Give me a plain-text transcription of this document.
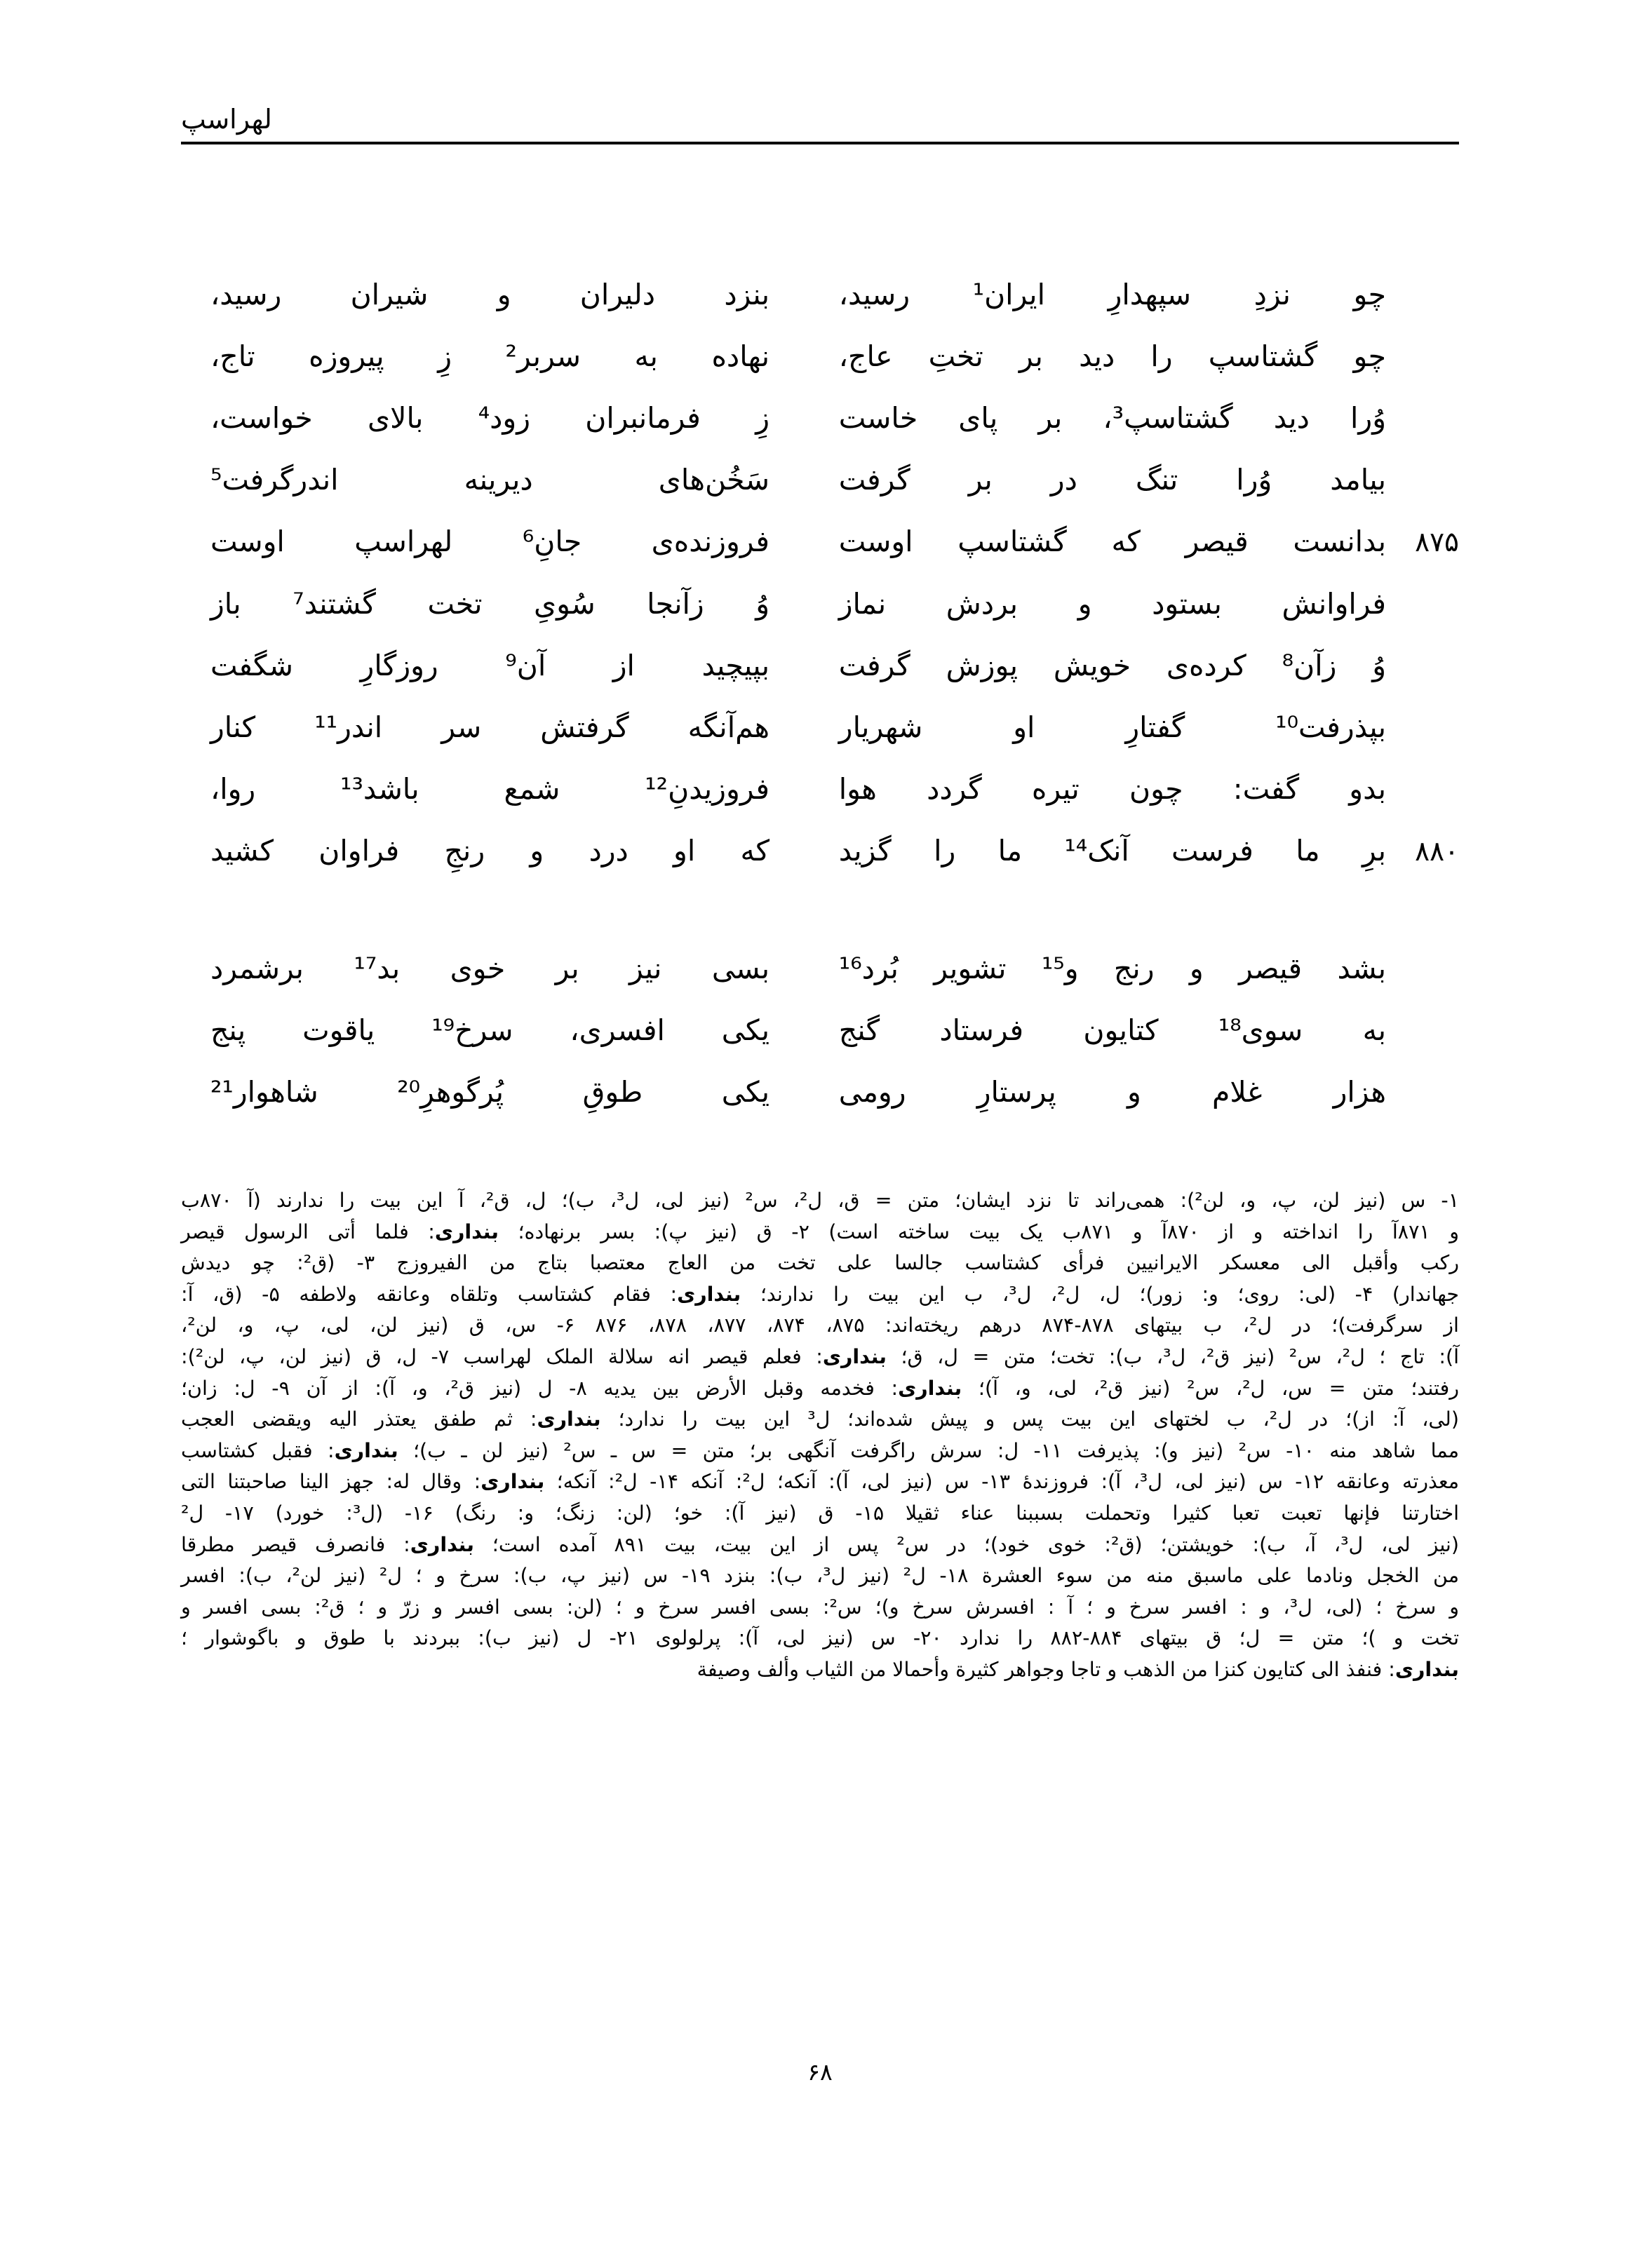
لهراسپ
چو
نزدِ
سپهدارِ
ایران¹
رسید،
بنزد
دلیران
و
شیران
رسید،
چو
گشتاسپ
را
دید
بر
تختِ
عاج،
نهاده
به
سربر²
زِ
پیروزه
تاج،
وُرا
دید
گشتاسپ³،
بر
پای
خاست
زِ
فرمانبران
زود⁴
بالای
خواست،
بیامد
وُرا
تنگ
در
بر
گرفت
سَخُن‌های
دیرینه
اندرگرفت⁵
۸۷۵
بدانست
قیصر
که
گشتاسپ
اوست
فروزنده‌ی
جانِ⁶
لهراسپ
اوست
فراوانش
بستود
و
بردش
نماز
وُ
زآنجا
سُویِ
تخت
گشتند⁷
باز
وُ
زآن⁸
کرده‌ی
خویش
پوزش
گرفت
بپیچید
از
آن⁹
روزگارِ
شگفت
بپذرفت¹⁰
گفتارِ
او
شهریار
هم‌آنگه
گرفتش
سر
اندر¹¹
کنار
بدو
گفت:
چون
تیره
گردد
هوا
فروزیدنِ¹²
شمع
باشد¹³
روا،
۸۸۰
برِ
ما
فرست
آنک¹⁴
ما
را
گزید
که
او
درد
و
رنجِ
فراوان
کشید
بشد
قیصر
و
رنج
و¹⁵
تشویر
بُرد¹⁶
بسی
نیز
بر
خوی
بد¹⁷
برشمرد
به
سوی¹⁸
کتایون
فرستاد
گنج
یکی
افسری،
سرخ¹⁹
یاقوت
پنج
هزار
غلام
و
پرستارِ
رومی
یکی
طوقِ
پُرگوهرِ²⁰
شاهوار²¹

۱- س (نیز لن، پ، و، لن²): همی‌راند تا نزد ایشان؛ متن = ق، ل²، س² (نیز لی، ل³، ب)؛ ل، ق²، آ این بیت را ندارند (آ ۸۷۰ب

و ۸۷۱آ را انداخته و از ۸۷۰آ و ۸۷۱ب یک بیت ساخته است) ۲- ق (نیز پ): بسر برنهاده؛ بنداری: فلما أتی الرسول قیصر

رکب وأقبل الی معسکر الایرانیین فرأی کشتاسب جالسا علی تخت من العاج معتصبا بتاج من الفیروزج ۳- (ق²: چو دیدش

جهاندار) ۴- (لی: روی؛ و: زور)؛ ل، ل²، ل³، ب این بیت را ندارند؛ بنداری: فقام کشتاسب وتلقاه وعانقه ولاطفه ۵- (ق، آ:

از سرگرفت)؛ در ل²، ب بیتهای ۸۷۸-۸۷۴ درهم ریخته‌اند: ۸۷۵، ۸۷۴، ۸۷۷، ۸۷۸، ۸۷۶ ۶- س، ق (نیز لن، لی، پ، و، لن²،

آ): تاج ؛ ل²، س² (نیز ق²، ل³، ب): تخت؛ متن = ل، ق؛ بنداری: فعلم قیصر انه سلالة الملک لهراسب ۷- ل، ق (نیز لن، پ، لن²):

رفتند؛ متن = س، ل²، س² (نیز ق²، لی، و، آ)؛ بنداری: فخدمه وقبل الأرض بین یدیه ۸- ل (نیز ق²، و، آ): از آن ۹- ل: زان؛

(لی، آ: از)؛ در ل²، ب لختهای این بیت پس و پیش شده‌اند؛ ل³ این بیت را ندارد؛ بنداری: ثم طفق یعتذر الیه ویقضی العجب

مما شاهد منه ۱۰- س² (نیز و): پذیرفت ۱۱- ل: سرش راگرفت آنگهی بر؛ متن = س ـ س² (نیز لن ـ ب)؛ بنداری: فقبل کشتاسب

معذرته وعانقه ۱۲- س (نیز لی، ل³، آ): فروزندهٔ ۱۳- س (نیز لی، آ): آنکه؛ ل²: آنکه ۱۴- ل²: آنکه؛ بنداری: وقال له: جهز الینا صاحبتنا التی

اختارتنا فإنها تعبت تعبا کثیرا وتحملت بسببنا عناء ثقیلا ۱۵- ق (نیز آ): خو؛ (لن: زنگ؛ و: رنگ) ۱۶- (ل³: خورد) ۱۷- ل²

(نیز لی، ل³، آ، ب): خویشتن؛ (ق²: خوی خود)؛ در س² پس از این بیت، بیت ۸۹۱ آمده است؛ بنداری: فانصرف قیصر مطرقا

من الخجل ونادما علی ماسبق منه من سوء العشرة ۱۸- ل² (نیز ل³، ب): بنزد ۱۹- س (نیز پ، ب): سرخ و ؛ ل² (نیز لن²، ب): افسر

و سرخ ؛ (لی، ل³، و : افسر سرخ و ؛ آ : افسرش سرخ و)؛ س²: بسی افسر سرخ و ؛ (لن: بسی افسر و زرّ و ؛ ق²: بسی افسر و

تخت و )؛ متن = ل؛ ق بیتهای ۸۸۴-۸۸۲ را ندارد ۲۰- س (نیز لی، آ): پرلولوی ۲۱- ل (نیز ب): ببردند با طوق و باگوشوار ؛

بنداری: فنفذ الی کتایون کنزا من الذهب و تاجا وجواهر کثیرة وأحمالا من الثیاب وألف وصیفة

۶۸
